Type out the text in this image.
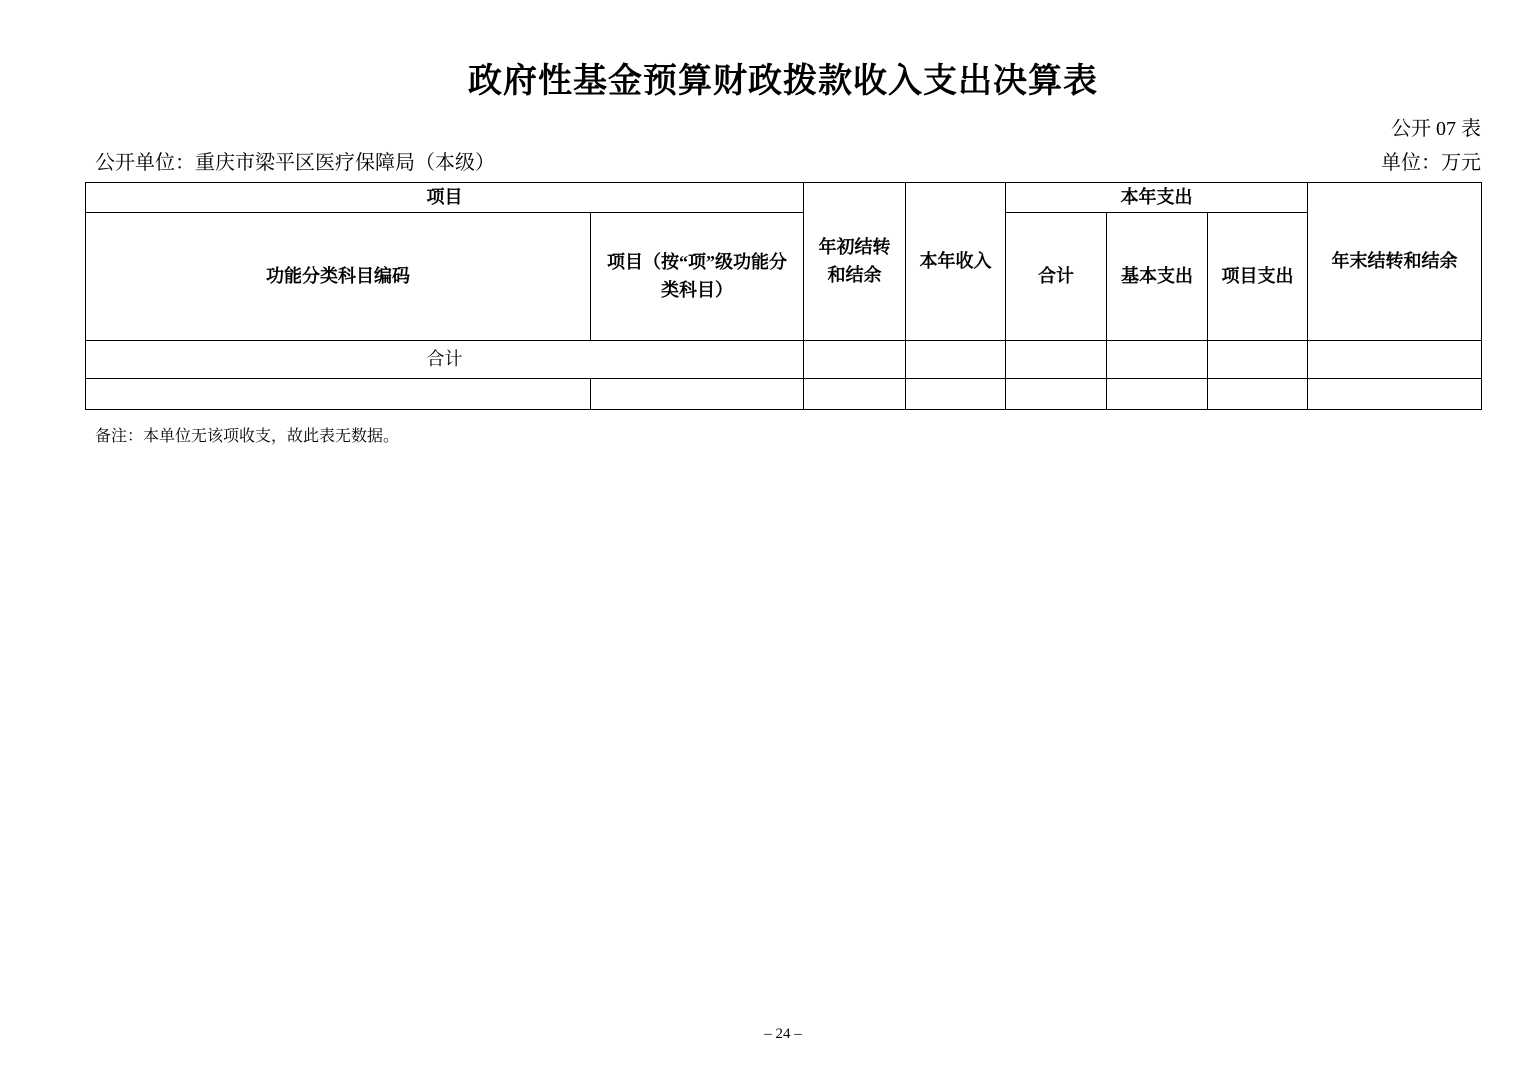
政府性基金预算财政拨款收入支出决算表
公开 07 表
公开单位：重庆市梁平区医疗保障局（本级）	单位：万元
项目		年初结转和结余	本年收入	本年支出			年末结转和结余
功能分类科目编码	项目（按“项”级功能分类科目）			合计	基本支出	项目支出	
合计							

备注：本单位无该项收支，故此表无数据。
– 24 –
